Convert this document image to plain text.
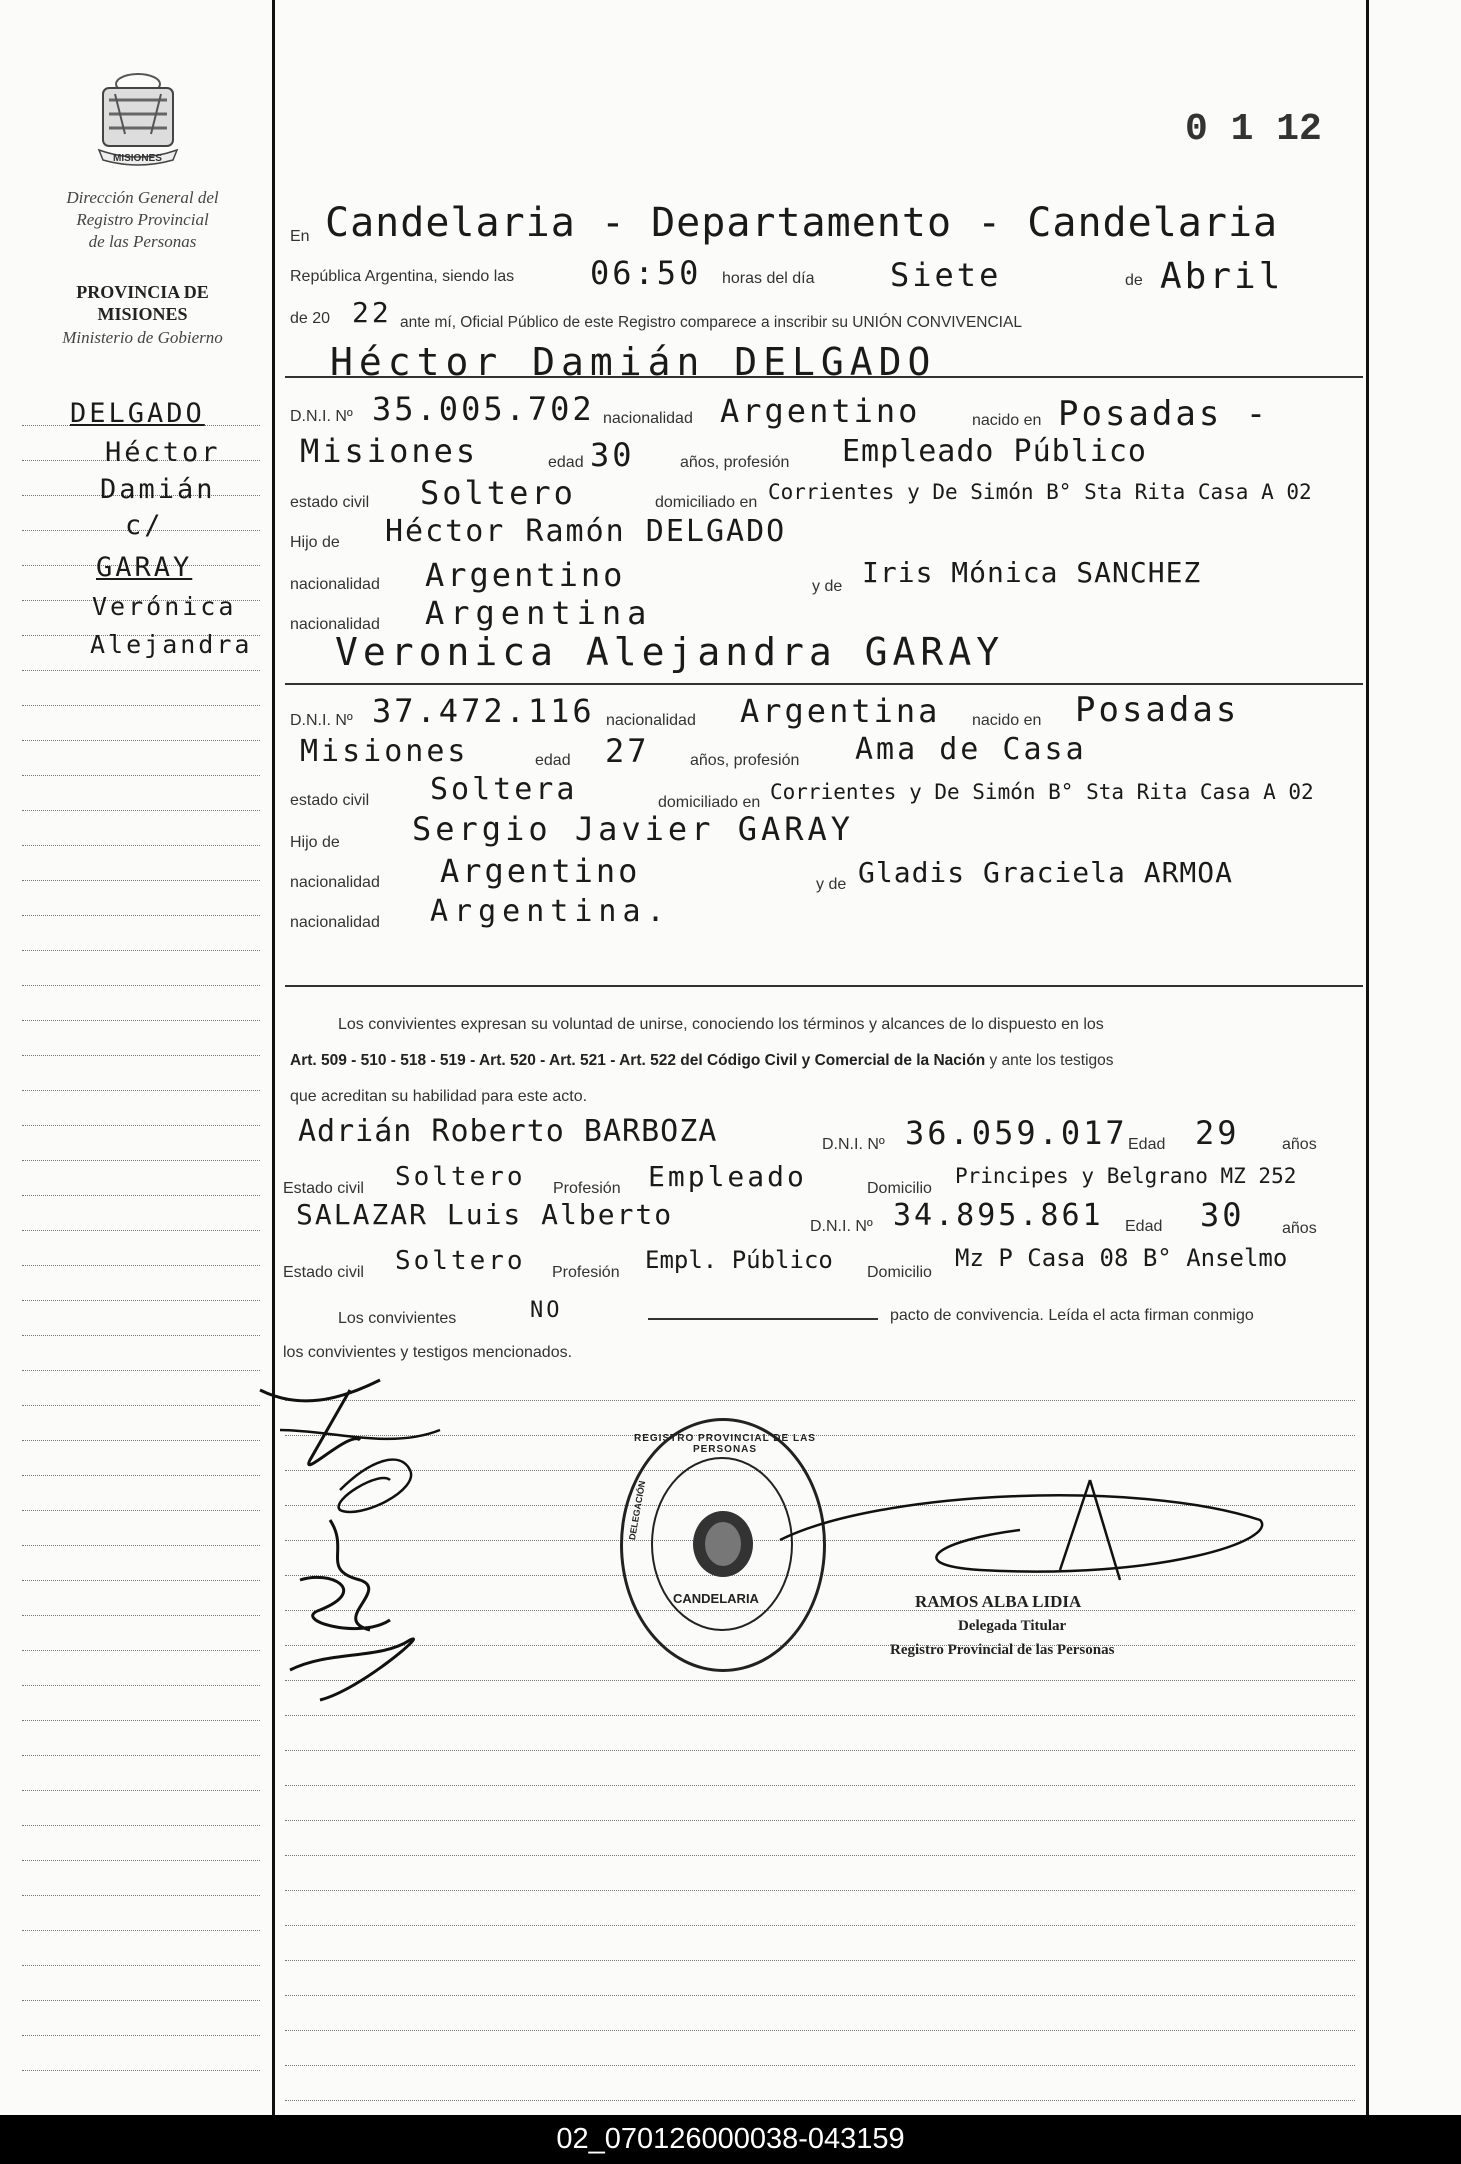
0 1 12
MISIONES
Dirección General del
Registro Provincial
de las Personas
PROVINCIA DE
MISIONES
Ministerio de Gobierno
DELGADO
Héctor
Damián
c/
GARAY
Verónica
Alejandra
En Candelaria - Departamento - Candelaria
República Argentina, siendo las 06:50 horas del día Siete	de Abril
de 20 22 ante mí, Oficial Público de este Registro comparece a inscribir su UNIÓN CONVIVENCIAL
Héctor Damián DELGADO
D.N.I. Nº 35.005.702 nacionalidad Argentino	nacido en Posadas -
Misiones	edad 30	años, profesión Empleado Público
estado civil Soltero	domiciliado en Corrientes y De Simón B° Sta Rita Casa A 02
Hijo de Héctor Ramón DELGADO
nacionalidad Argentino	y de Iris Mónica SANCHEZ
nacionalidad Argentina
Veronica Alejandra GARAY
D.N.I. Nº 37.472.116 nacionalidad Argentina nacido en Posadas
Misiones	edad 27	años, profesión Ama de Casa
estado civil Soltera	domiciliado en Corrientes y De Simón B° Sta Rita Casa A 02
Hijo de Sergio Javier GARAY
nacionalidad Argentino	y de Gladis Graciela ARMOA
nacionalidad Argentina.
Los convivientes expresan su voluntad de unirse, conociendo los términos y alcances de lo dispuesto en los
Art. 509 - 510 - 518 - 519 - Art. 520 - Art. 521 - Art. 522 del Código Civil y Comercial de la Nación y ante los testigos
que acreditan su habilidad para este acto.
Adrián Roberto BARBOZA	D.N.I. Nº 36.059.017 Edad 29	años
Estado civil Soltero Profesión Empleado	Domicilio
Principes y Belgrano MZ 252
SALAZAR Luis Alberto	D.N.I. Nº 34.895.861 Edad 30 años
Estado civil Soltero Profesión Empl. Público Domicilio
Mz P Casa 08 B° Anselmo
Los convivientes	NO	pacto de convivencia. Leída el acta firman conmigo
los convivientes y testigos mencionados.
REGISTRO PROVINCIAL DE LAS PERSONAS
DELEGACIÓN
CANDELARIA	RAMOS ALBA LIDIA
Delegada Titular
Registro Provincial de las Personas
02_070126000038-043159
